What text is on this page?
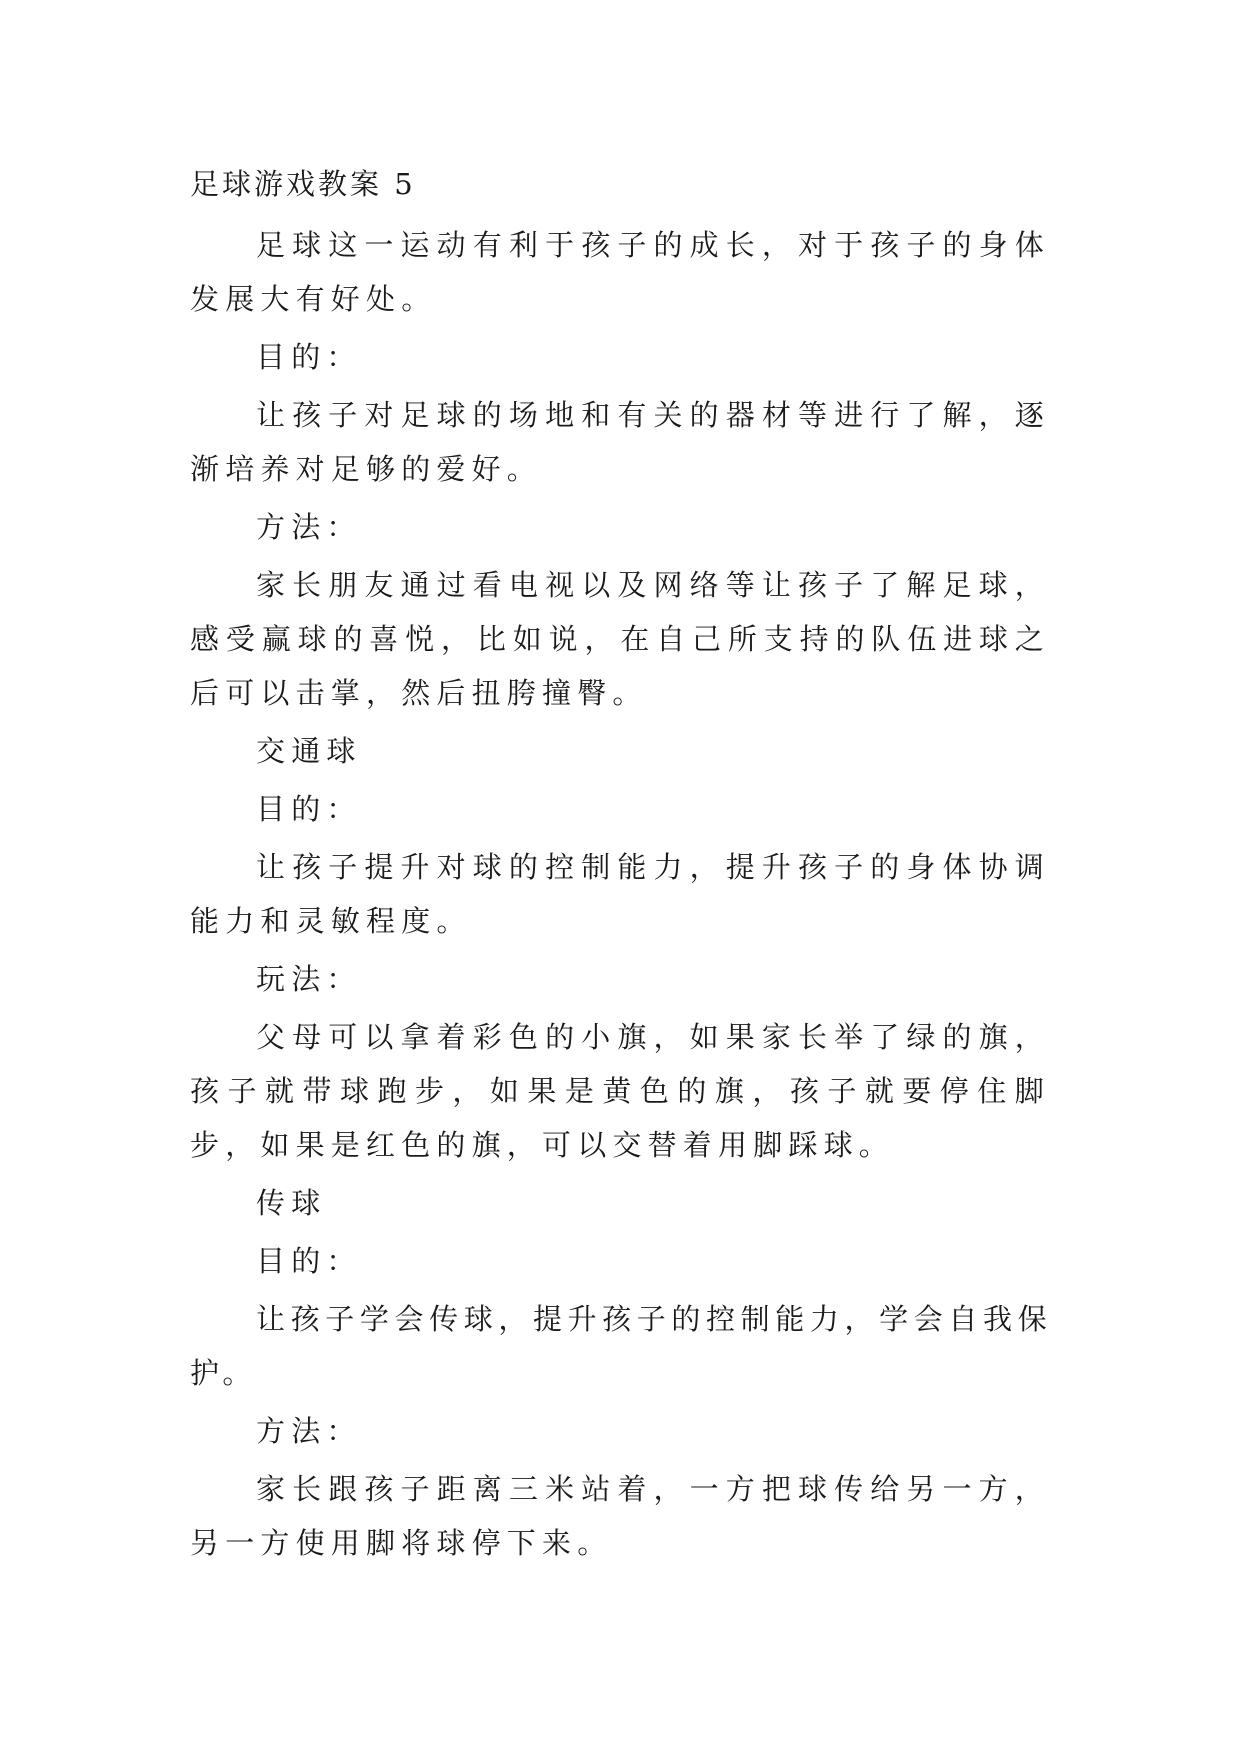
足球游戏教案 5

足球这一运动有利于孩子的成长，对于孩子的身体发展大有好处。

目的：

让孩子对足球的场地和有关的器材等进行了解，逐渐培养对足够的爱好。

方法：

家长朋友通过看电视以及网络等让孩子了解足球，感受赢球的喜悦，比如说，在自己所支持的队伍进球之后可以击掌，然后扭胯撞臀。

交通球

目的：

让孩子提升对球的控制能力，提升孩子的身体协调能力和灵敏程度。

玩法：

父母可以拿着彩色的小旗，如果家长举了绿的旗，孩子就带球跑步，如果是黄色的旗，孩子就要停住脚步，如果是红色的旗，可以交替着用脚踩球。

传球

目的：

让孩子学会传球，提升孩子的控制能力，学会自我保护。

方法：

家长跟孩子距离三米站着，一方把球传给另一方，另一方使用脚将球停下来。
